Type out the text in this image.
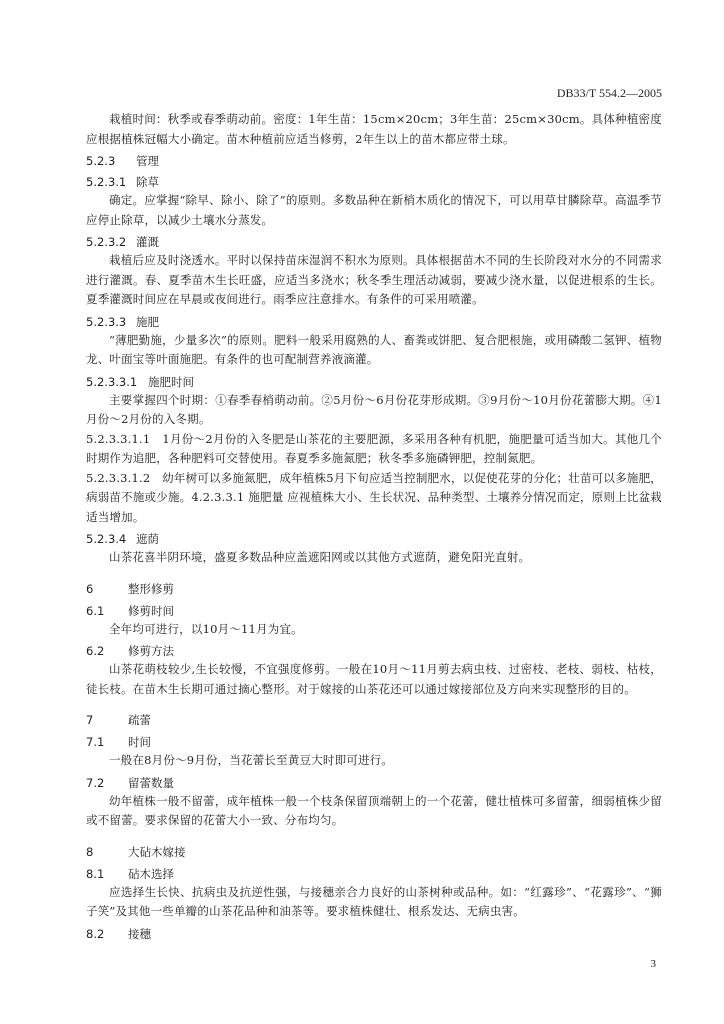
DB33/T 554.2—2005
栽植时间：秋季或春季萌动前。密度：1年生苗：15cm×20cm；3年生苗：25cm×30cm。具体种植密度应根据植株冠幅大小确定。苗木种植前应适当修剪，2年生以上的苗木都应带土球。
5.2.3 管理
5.2.3.1 除草
确定。应掌握“除早、除小、除了”的原则。多数品种在新梢木质化的情况下，可以用草甘膦除草。高温季节应停止除草，以减少土壤水分蒸发。
5.2.3.2 灌溉
栽植后应及时浇透水。平时以保持苗床湿润不积水为原则。具体根据苗木不同的生长阶段对水分的不同需求进行灌溉。春、夏季苗木生长旺盛，应适当多浇水；秋冬季生理活动减弱，要减少浇水量，以促进根系的生长。夏季灌溉时间应在早晨或夜间进行。雨季应注意排水。有条件的可采用喷灌。
5.2.3.3 施肥
“薄肥勤施，少量多次”的原则。肥料一般采用腐熟的人、畜粪或饼肥、复合肥根施，或用磷酸二氢钾、植物龙、叶面宝等叶面施肥。有条件的也可配制营养液滴灌。
5.2.3.3.1 施肥时间
主要掌握四个时期：①春季春梢萌动前。②5月份～6月份花芽形成期。③9月份～10月份花蕾膨大期。④1月份～2月份的入冬期。
5.2.3.3.1.1　1月份～2月份的入冬肥是山茶花的主要肥源，多采用各种有机肥，施肥量可适当加大。其他几个时期作为追肥，各种肥料可交替使用。春夏季多施氮肥；秋冬季多施磷钾肥，控制氮肥。
5.2.3.3.1.2　幼年树可以多施氮肥，成年植株5月下旬应适当控制肥水，以促使花芽的分化；壮苗可以多施肥，病弱苗不施或少施。4.2.3.3.1 施肥量 应视植株大小、生长状况、品种类型、土壤养分情况而定，原则上比盆栽适当增加。
5.2.3.4 遮荫
山茶花喜半阴环境，盛夏多数品种应盖遮阳网或以其他方式遮荫，避免阳光直射。
6	整形修剪
6.1 修剪时间
全年均可进行，以10月～11月为宜。
6.2 修剪方法
山茶花萌枝较少,生长较慢，不宜强度修剪。一般在10月～11月剪去病虫枝、过密枝、老枝、弱枝、枯枝，徒长枝。在苗木生长期可通过摘心整形。对于嫁接的山茶花还可以通过嫁接部位及方向来实现整形的目的。
7	疏蕾
7.1 时间
一般在8月份～9月份，当花蕾长至黄豆大时即可进行。
7.2 留蕾数量
幼年植株一般不留蕾，成年植株一般一个枝条保留顶端朝上的一个花蕾，健壮植株可多留蕾，细弱植株少留或不留蕾。要求保留的花蕾大小一致、分布均匀。
8	大砧木嫁接
8.1 砧木选择
应选择生长快、抗病虫及抗逆性强，与接穗亲合力良好的山茶树种或品种。如：“红露珍”、“花露珍”、“狮子笑”及其他一些单瓣的山茶花品种和油茶等。要求植株健壮、根系发达、无病虫害。
8.2 接穗
3
